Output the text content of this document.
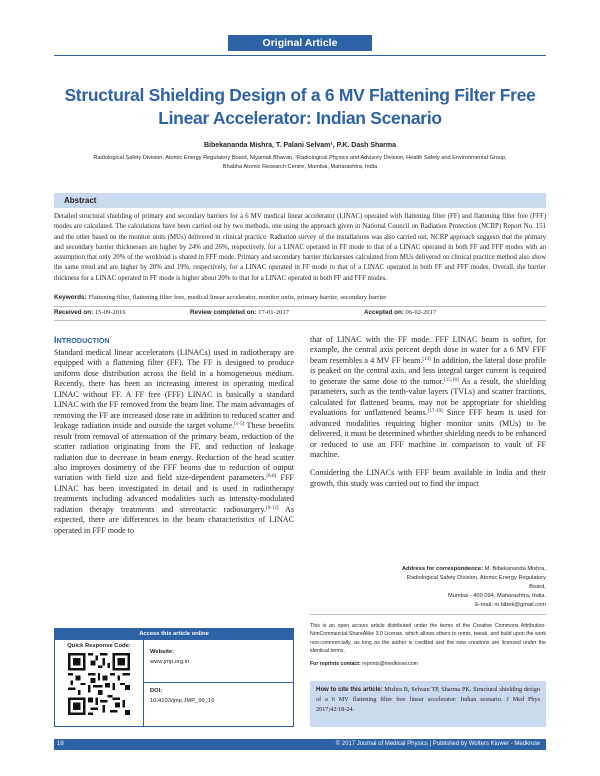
Original Article
Structural Shielding Design of a 6 MV Flattening Filter Free
Linear Accelerator: Indian Scenario
Bibekananda Mishra, T. Palani Selvam¹, P.K. Dash Sharma
Radiological Safety Division, Atomic Energy Regulatory Board, Niyamak Bhavan, ¹Radiological Physics and Advisory Division, Health Safety and Environmental Group,
Bhabha Atomic Research Centre, Mumbai, Maharashtra, India
Abstract
Detailed structural shielding of primary and secondary barriers for a 6 MV medical linear accelerator (LINAC) operated with flattening filter (FF) and flattening filter free (FFF) modes are calculated. The calculations have been carried out by two methods, one using the approach given in National Council on Radiation Protection (NCRP) Report No. 151 and the other based on the monitor units (MUs) delivered in clinical practice. Radiation survey of the installations was also carried out. NCRP approach suggests that the primary and secondary barrier thicknesses are higher by 24% and 26%, respectively, for a LINAC operated in FF mode to that of a LINAC operated in both FF and FFF modes with an assumption that only 20% of the workload is shared in FFF mode. Primary and secondary barrier thicknesses calculated from MUs delivered on clinical practice method also show the same trend and are higher by 20% and 19%, respectively, for a LINAC operated in FF mode to that of a LINAC operated in both FF and FFF modes. Overall, the barrier thickness for a LINAC operated in FF mode is higher about 20% to that for a LINAC operated in both FF and FFF modes.
Keywords: Flattening filter, flattening filter free, medical linear accelerator, monitor units, primary barrier, secondary barrier
Received on: 15-09-2016	Review completed on: 17-01-2017	Accepted on: 06-02-2017
INTRODUCTION

Standard medical linear accelerators (LINACs) used in radiotherapy are equipped with a flattening filter (FF). The FF is designed to produce uniform dose distribution across the field in a homogeneous medium. Recently, there has been an increasing interest in operating medical LINAC without FF. A FF free (FFF) LINAC is basically a standard LINAC with the FF removed from the beam line. The main advantages of removing the FF are increased dose rate in addition to reduced scatter and leakage radiation inside and outside the target volume.[1-5] These benefits result from removal of attenuation of the primary beam, reduction of the scatter radiation originating from the FF, and reduction of leakage radiation due to decrease in beam energy. Reduction of the head scatter also improves dosimetry of the FFF beams due to reduction of output variation with field size and field size-dependent parameters.[6-8] FFF LINAC has been investigated in detail and is used in radiotherapy treatments including advanced modalities such as intensity-modulated radiation therapy treatments and stereotactic radiosurgery.[9-12] As expected, there are differences in the beam characteristics of LINAC operated in FFF mode to

that of LINAC with the FF mode. FFF LINAC beam is softer, for example, the central axis percent depth dose in water for a 6 MV FFF beam resembles a 4 MV FF beam.[14] In addition, the lateral dose profile is peaked on the central axis, and less integral target current is required to generate the same dose to the tumor.[15,16] As a result, the shielding parameters, such as the tenth-value layers (TVLs) and scatter fractions, calculated for flattened beams, may not be appropriate for shielding evaluations for unflattened beams.[17-19] Since FFF beam is used for advanced modalities requiring higher monitor units (MUs) to be delivered, it must be determined whether shielding needs to be enhanced or reduced to use an FFF machine in comparison to vault of FF machine.

Considering the LINACs with FFF beam available in India and their growth, this study was carried out to find the impact

Address for correspondence: M. Bibekananda Mishra,
Radiological Safety Division, Atomic Energy Regulatory Board,
Mumbai - 400 094, Maharashtra, India.
E-mail: m.bibek@gmail.com
This is an open access article distributed under the terms of the Creative Commons Attribution-NonCommercial-ShareAlike 3.0 License, which allows others to remix, tweak, and build upon the work non-commercially, as long as the author is credited and the new creations are licensed under the identical terms.
For reprints contact: reprints@medknow.com
Access this article online
Quick Response Code:
Website:
www.jmp.org.in
DOI:
10.4103/jmp.JMP_99_16
How to cite this article: Mishra B, Selvam TP, Sharma PK. Structural shielding design of a 6 MV flattening filter free linear accelerator: Indian scenario. J Med Phys 2017;42:18-24.
18	© 2017 Journal of Medical Physics | Published by Wolters Kluwer - Medknow
